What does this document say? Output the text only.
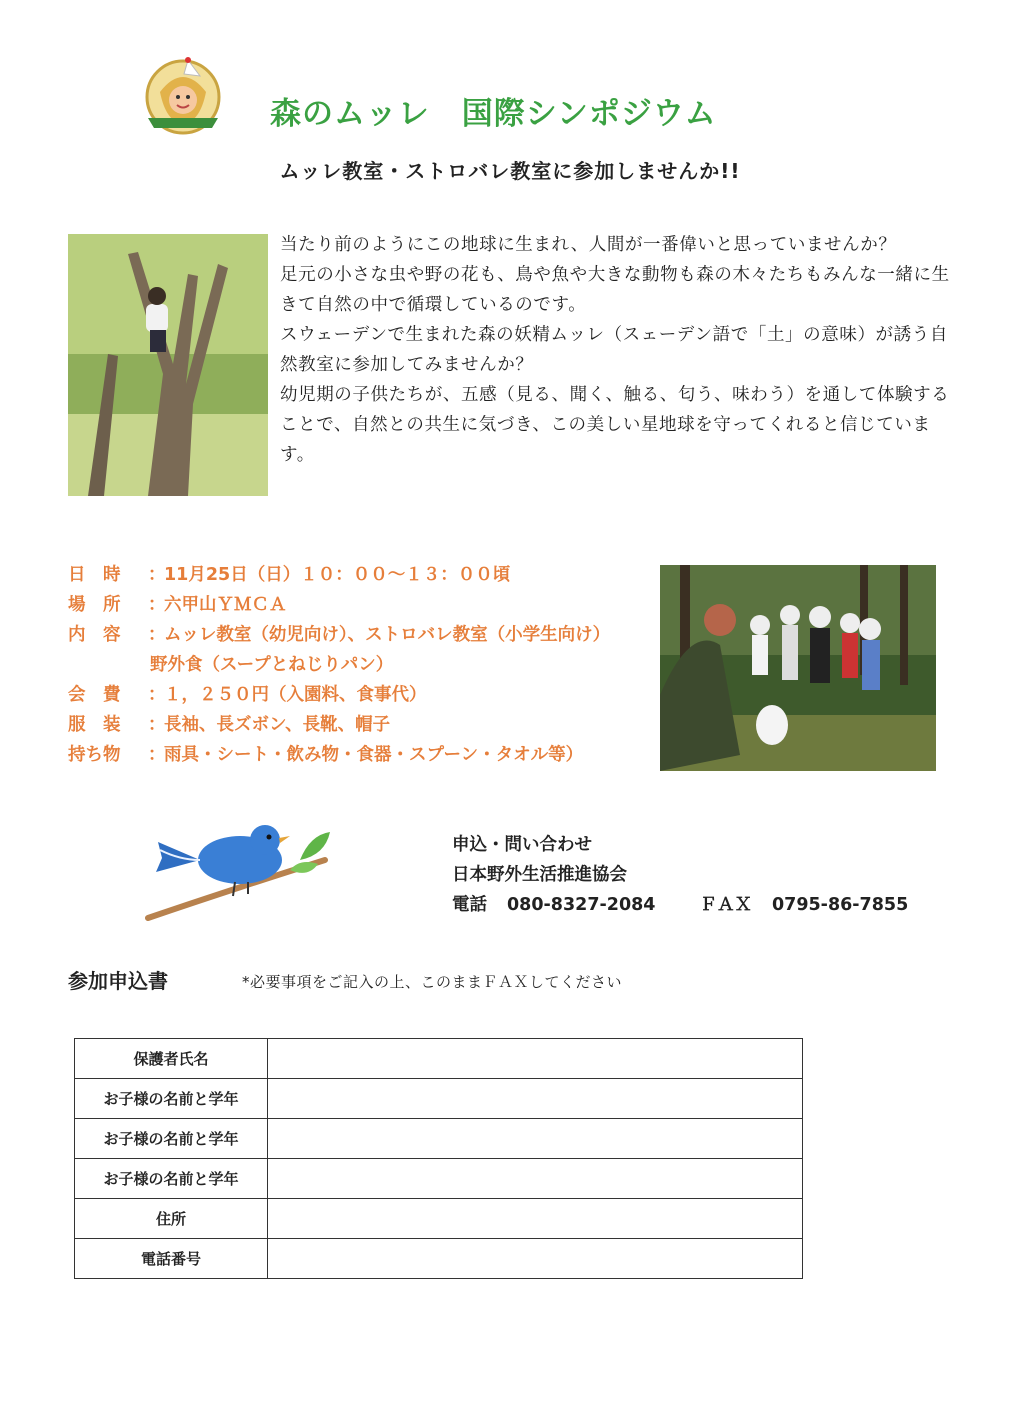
森のムッレ　国際シンポジウム
ムッレ教室・ストロバレ教室に参加しませんか!!

当たり前のようにこの地球に生まれ、人間が一番偉いと思っていませんか？

足元の小さな虫や野の花も、鳥や魚や大きな動物も森の木々たちもみんな一緒に生きて自然の中で循環しているのです。

スウェーデンで生まれた森の妖精ムッレ（スェーデン語で「土」の意味）が誘う自然教室に参加してみませんか？

幼児期の子供たちが、五感（見る、聞く、触る、匂う、味わう）を通して体験することで、自然との共生に気づき、この美しい星地球を守ってくれると信じています。

日　時	：
11月25日（日）１０：００～１３：００頃
場　所	：
六甲山ＹＭＣＡ
内　容	：
ムッレ教室（幼児向け）、ストロバレ教室（小学生向け）
野外食（スープとねじりパン）
会　費	：
１，２５０円（入園料、食事代）
服　装	：
長袖、長ズボン、長靴、帽子
持ち物	：
雨具・シート・飲み物・食器・スプーン・タオル等）
申込・問い合わせ
日本野外生活推進協会
電話 080-8327-2084	ＦＡＸ 0795-86-7855
参加申込書	*必要事項をご記入の上、このままＦＡＸしてください
保護者氏名	
お子様の名前と学年	
お子様の名前と学年	
お子様の名前と学年	
住所	
電話番号	
